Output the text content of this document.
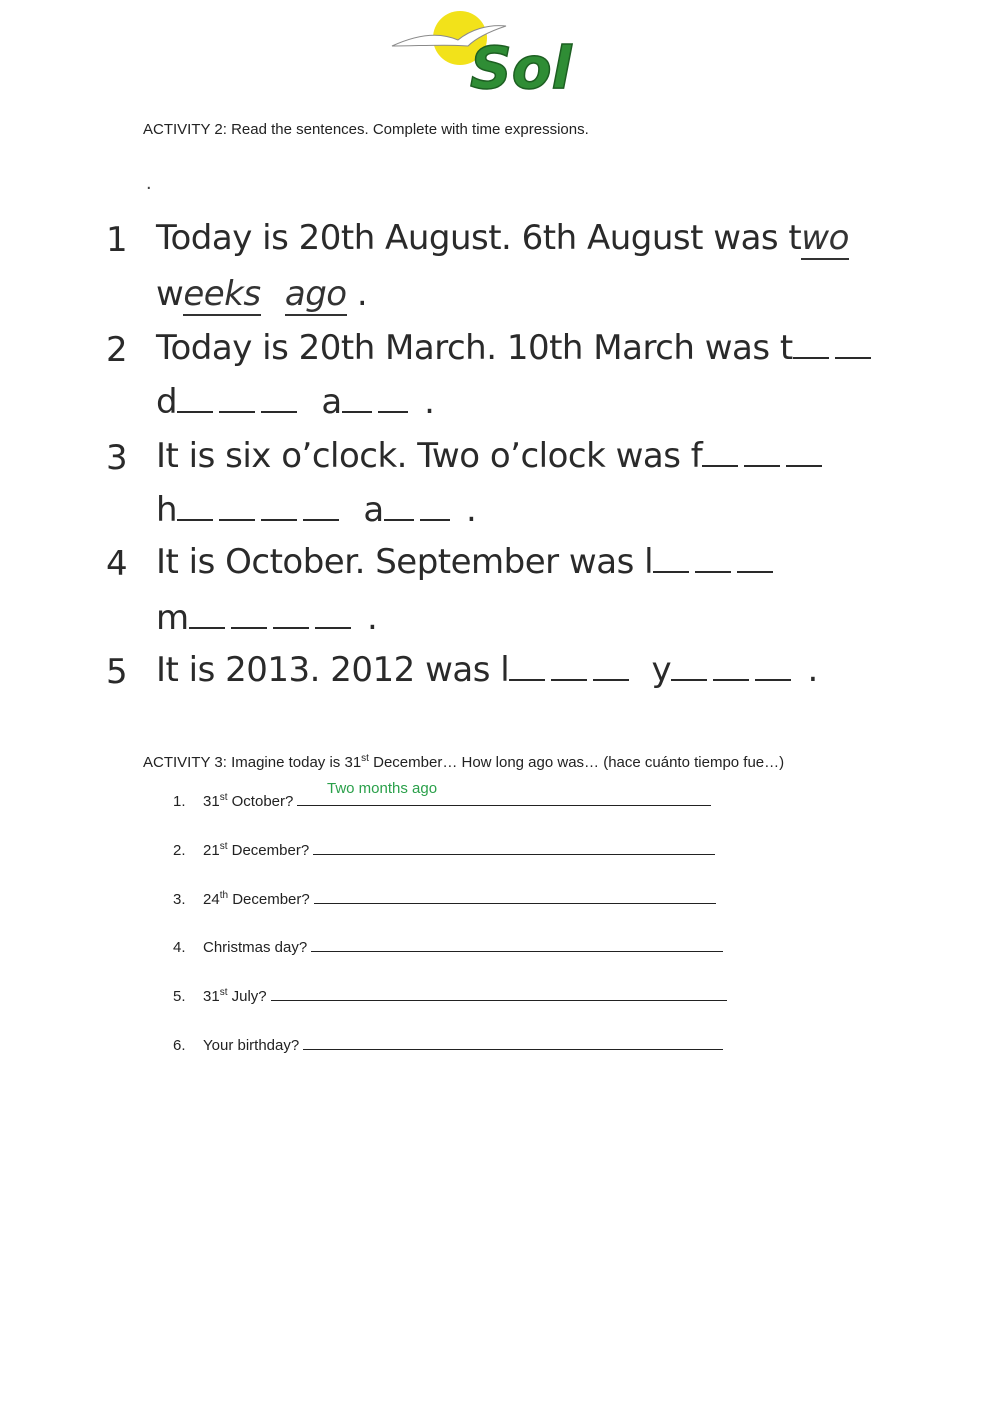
Sol
ACTIVITY 2: Read the sentences. Complete with time expressions.
.
1 Today is 20th August. 6th August was two
weeks ago .
2 Today is 20th March. 10th March was t
d	a .
3 It is six o’clock. Two o’clock was f
h	a .
4 It is October. September was l
m	.
5 It is 2013. 2012 was l	y	.
ACTIVITY 3: Imagine today is 31st December… How long ago was… (hace cuánto tiempo fue…)
Two months ago
1. 31st October?
2. 21st December?
3. 24th December?
4. Christmas day?
5. 31st July?
6. Your birthday?
